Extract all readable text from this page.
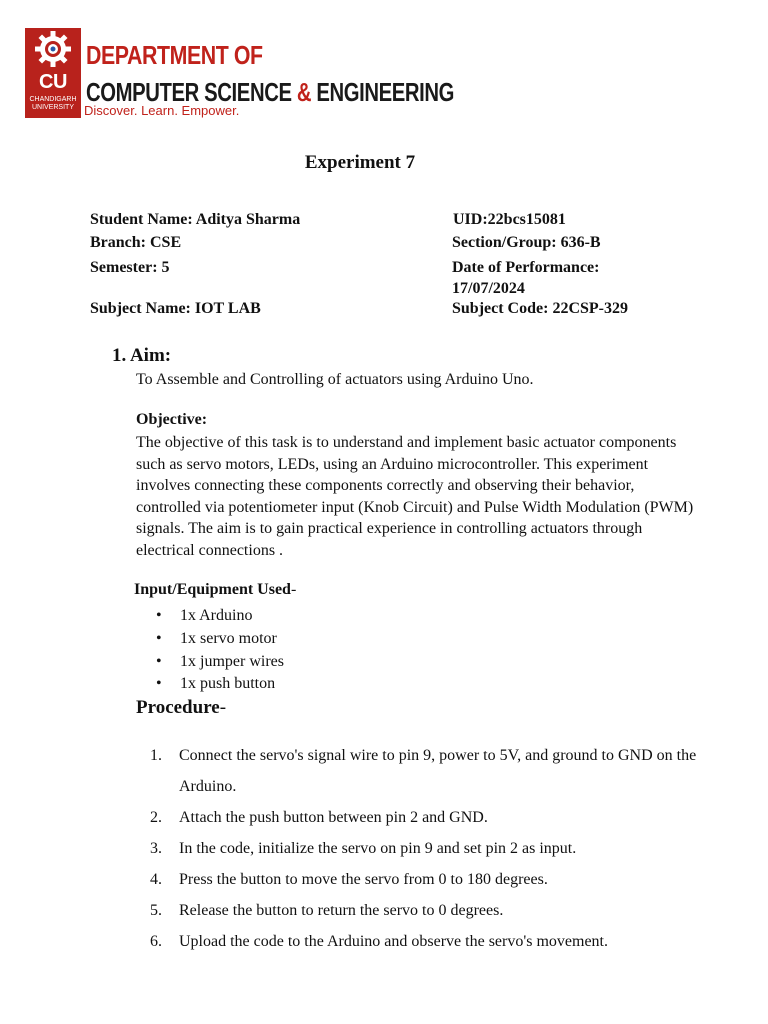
CU
CHANDIGARH UNIVERSITY
DEPARTMENT OF
COMPUTER SCIENCE & ENGINEERING
Discover. Learn. Empower.
Experiment 7
Student Name: Aditya Sharma	UID:22bcs15081
Branch: CSE	Section/Group: 636-B
Semester: 5	Date of Performance:
17/07/2024
Subject Name: IOT LAB	Subject Code: 22CSP-329
1. Aim:
To Assemble and Controlling of actuators using Arduino Uno.
Objective:
The objective of this task is to understand and implement basic actuator components
such as servo motors, LEDs, using an Arduino microcontroller. This experiment
involves connecting these components correctly and observing their behavior,
controlled via potentiometer input (Knob Circuit) and Pulse Width Modulation (PWM)
signals. The aim is to gain practical experience in controlling actuators through
electrical connections .
Input/Equipment Used-
•	1x Arduino
•	1x servo motor
•	1x jumper wires
•	1x push button
Procedure-
1.	Connect the servo's signal wire to pin 9, power to 5V, and ground to GND on the
Arduino.
2.	Attach the push button between pin 2 and GND.
3.	In the code, initialize the servo on pin 9 and set pin 2 as input.
4.	Press the button to move the servo from 0 to 180 degrees.
5.	Release the button to return the servo to 0 degrees.
6.	Upload the code to the Arduino and observe the servo's movement.
